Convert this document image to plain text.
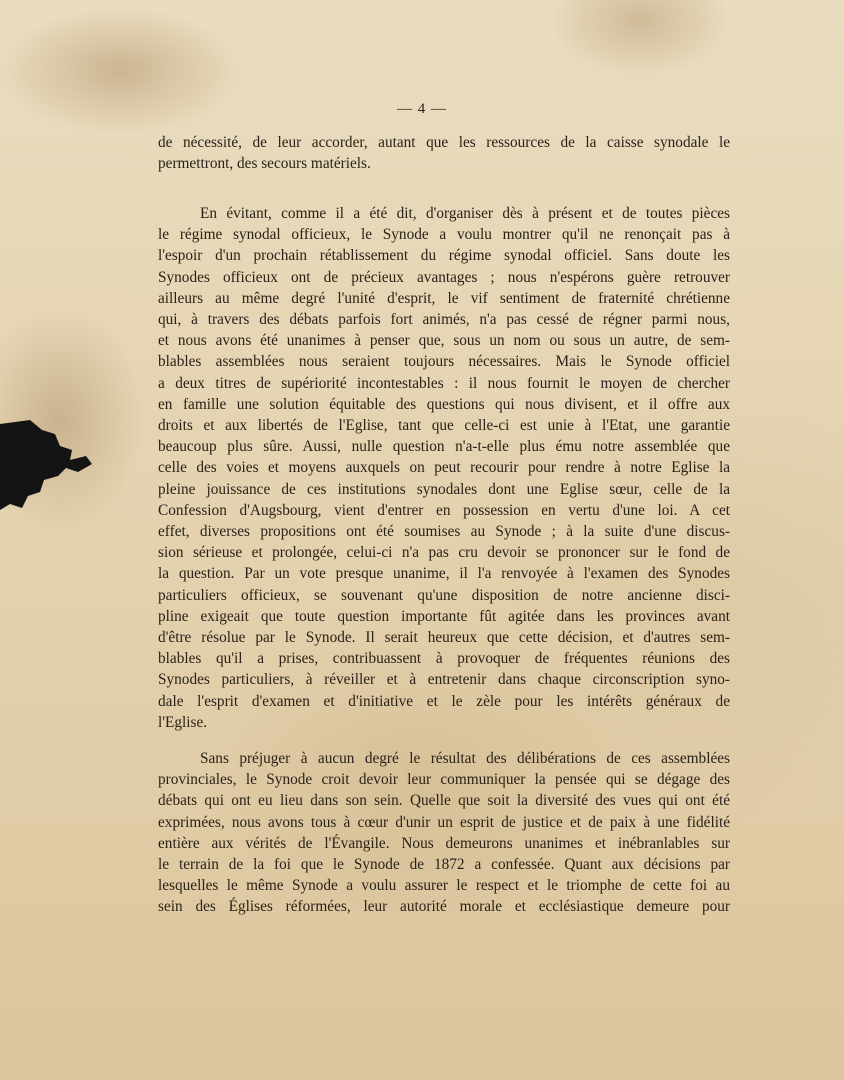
— 4 —
de nécessité, de leur accorder, autant que les ressources de la caisse synodale le
permettront, des secours matériels.
En évitant, comme il a été dit, d'organiser dès à présent et de toutes pièces
le régime synodal officieux, le Synode a voulu montrer qu'il ne renonçait pas à
l'espoir d'un prochain rétablissement du régime synodal officiel. Sans doute les
Synodes officieux ont de précieux avantages ; nous n'espérons guère retrouver
ailleurs au même degré l'unité d'esprit, le vif sentiment de fraternité chrétienne
qui, à travers des débats parfois fort animés, n'a pas cessé de régner parmi nous,
et nous avons été unanimes à penser que, sous un nom ou sous un autre, de sem-
blables assemblées nous seraient toujours nécessaires. Mais le Synode officiel
a deux titres de supériorité incontestables : il nous fournit le moyen de chercher
en famille une solution équitable des questions qui nous divisent, et il offre aux
droits et aux libertés de l'Eglise, tant que celle-ci est unie à l'Etat, une garantie
beaucoup plus sûre. Aussi, nulle question n'a-t-elle plus ému notre assemblée que
celle des voies et moyens auxquels on peut recourir pour rendre à notre Eglise la
pleine jouissance de ces institutions synodales dont une Eglise sœur, celle de la
Confession d'Augsbourg, vient d'entrer en possession en vertu d'une loi. A cet
effet, diverses propositions ont été soumises au Synode ; à la suite d'une discus-
sion sérieuse et prolongée, celui-ci n'a pas cru devoir se prononcer sur le fond de
la question. Par un vote presque unanime, il l'a renvoyée à l'examen des Synodes
particuliers officieux, se souvenant qu'une disposition de notre ancienne disci-
pline exigeait que toute question importante fût agitée dans les provinces avant
d'être résolue par le Synode. Il serait heureux que cette décision, et d'autres sem-
blables qu'il a prises, contribuassent à provoquer de fréquentes réunions des
Synodes particuliers, à réveiller et à entretenir dans chaque circonscription syno-
dale l'esprit d'examen et d'initiative et le zèle pour les intérêts généraux de
l'Eglise.
Sans préjuger à aucun degré le résultat des délibérations de ces assemblées
provinciales, le Synode croit devoir leur communiquer la pensée qui se dégage des
débats qui ont eu lieu dans son sein. Quelle que soit la diversité des vues qui ont été
exprimées, nous avons tous à cœur d'unir un esprit de justice et de paix à une fidélité
entière aux vérités de l'Évangile. Nous demeurons unanimes et inébranlables sur
le terrain de la foi que le Synode de 1872 a confessée. Quant aux décisions par
lesquelles le même Synode a voulu assurer le respect et le triomphe de cette foi au
sein des Églises réformées, leur autorité morale et ecclésiastique demeure pour
